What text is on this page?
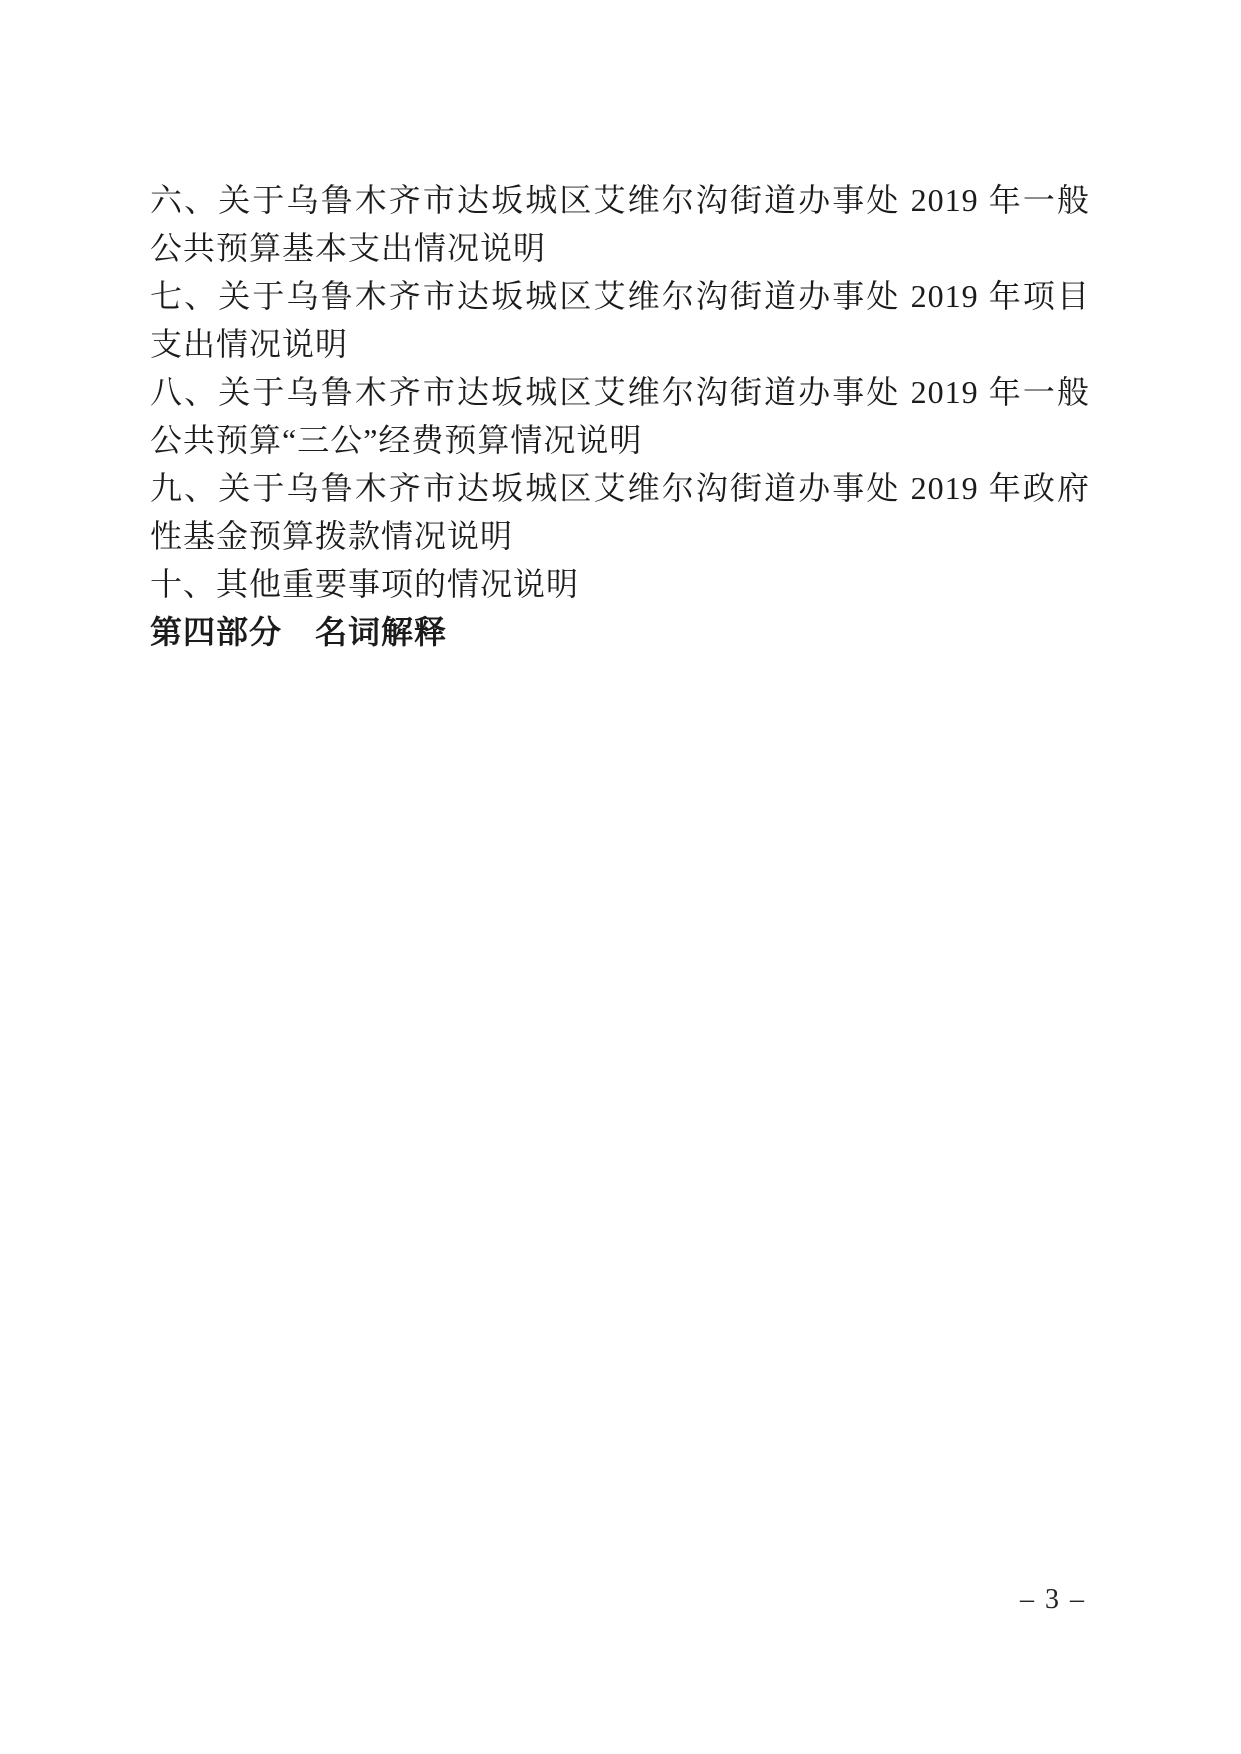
六、关于乌鲁木齐市达坂城区艾维尔沟街道办事处 2019 年一般

公共预算基本支出情况说明

七、关于乌鲁木齐市达坂城区艾维尔沟街道办事处 2019 年项目

支出情况说明

八、关于乌鲁木齐市达坂城区艾维尔沟街道办事处 2019 年一般

公共预算“三公”经费预算情况说明

九、关于乌鲁木齐市达坂城区艾维尔沟街道办事处 2019 年政府

性基金预算拨款情况说明

十、其他重要事项的情况说明

第四部分　名词解释

– 3 –
